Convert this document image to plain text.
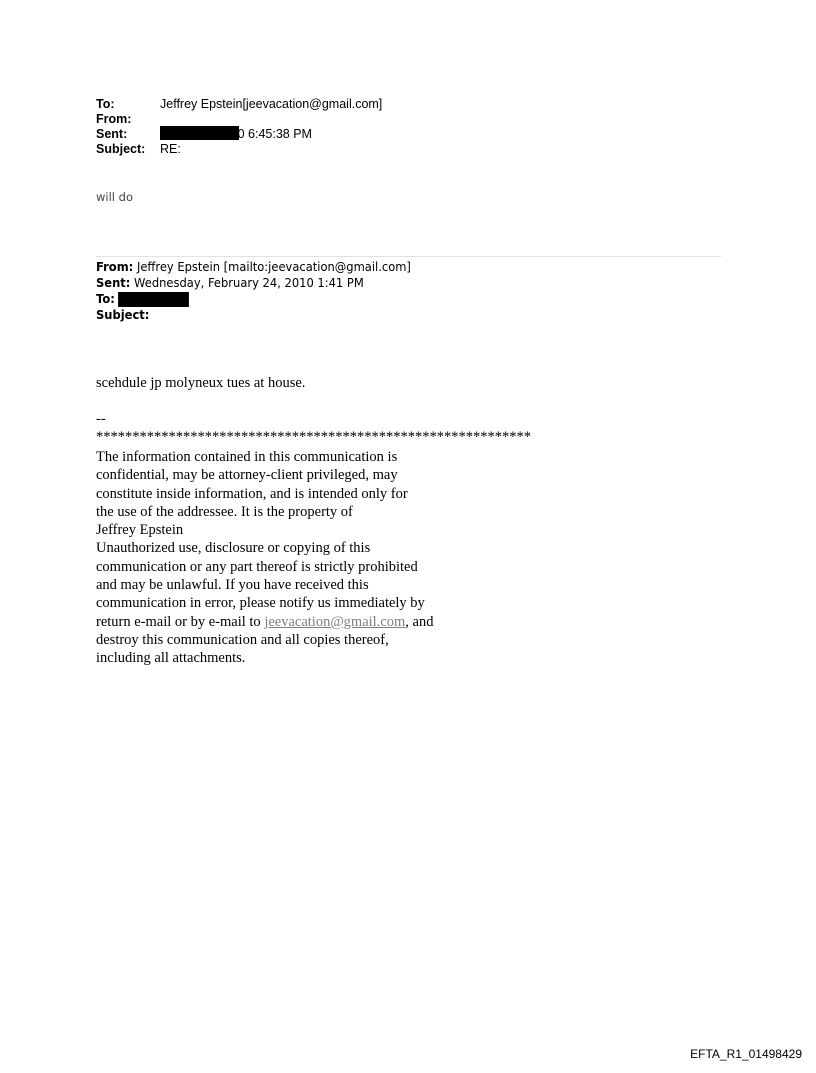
To:	Jeffrey Epstein[jeevacation@gmail.com]
From:
Sent:	Wed 2/24/2010 6:45:38 PM
Subject:	RE:
will do
From: Jeffrey Epstein [mailto:jeevacation@gmail.com]
Sent: Wednesday, February 24, 2010 1:41 PM
To:
Subject:
scehdule jp molyneux tues at house.
--
************************************************************
The information contained in this communication is
confidential, may be attorney-client privileged, may
constitute inside information, and is intended only for
the use of the addressee. It is the property of
Jeffrey Epstein
Unauthorized use, disclosure or copying of this
communication or any part thereof is strictly prohibited
and may be unlawful. If you have received this
communication in error, please notify us immediately by
return e-mail or by e-mail to jeevacation@gmail.com, and
destroy this communication and all copies thereof,
including all attachments.
EFTA_R1_01498429
